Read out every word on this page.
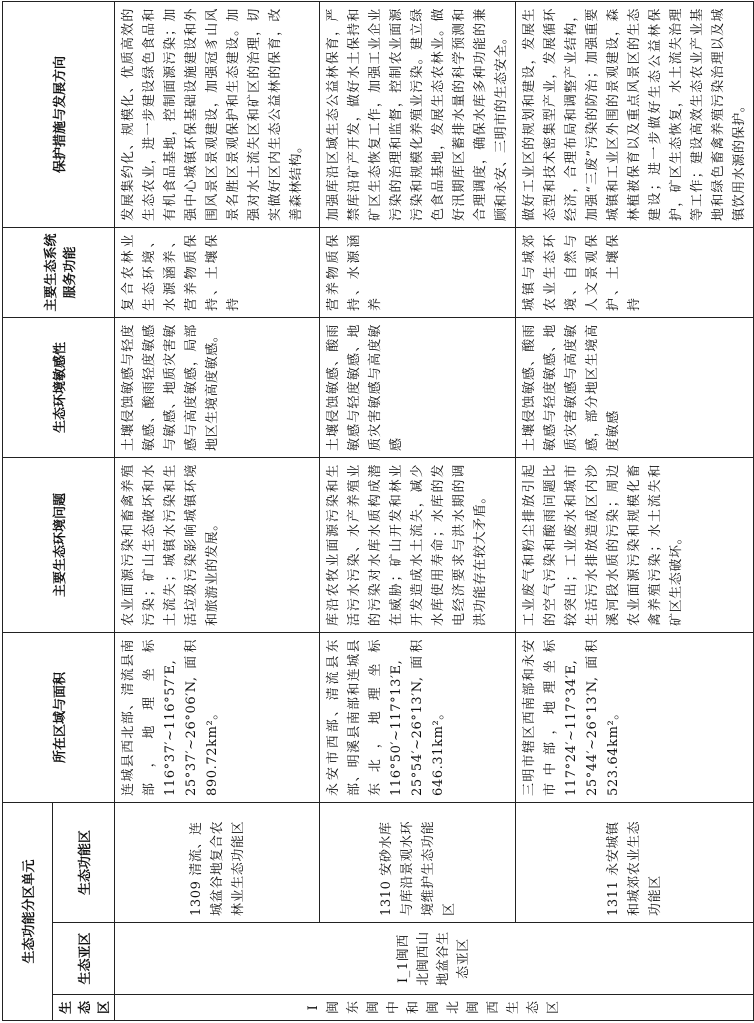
生态功能分区单元			所在区域与面积	主要生态环境问题	生态环境敏感性	主要生态系统服务功能	保护措施与发展方向
生态区	生态亚区	生态功能区					
Ⅰ闽东闽中和闽北闽西生态区	Ⅰ_1闽西北闽西山地盆谷生态亚区	1309 清流、连城盆谷地复合农林业生态功能区	连城县西北部、清流县南部，地理坐标 116°37′~116°57′E, 25°37′~26°06′N, 面积890.72km²。	农业面源污染和畜禽养殖污染；矿山生态破坏和水土流失；城镇水污染和生活垃圾污染影响城镇环境和旅游业的发展。	土壤侵蚀敏感与轻度敏感、酸雨轻度敏感与敏感、地质灾害敏感与高度敏感，局部地区生境高度敏感。	复合农林业生态环境、水源涵养、营养物质保持、土壤保持	发展集约化、规模化、优质高效的生态农业，进一步建设绿色食品和有机食品基地，控制面源污染；加强中心城镇环保基础设施建设和外围风景区景观建设，加强冠豸山风景名胜区景观保护和生态建设。加强对水土流失区和矿区的治理，切实做好区内生态公益林的保育，改善森林结构。
		1310 安砂水库与库沿景观水环境维护生态功能区	永安市西部、清流县东部、明溪县南部和连城县东北，地理坐标 116°50′~117°13′E, 25°54′~26°13′N, 面积646.31km²。	库沿农牧业面源污染和生活污水污染、水产养殖业的污染对水库水质构成潜在威胁；矿山开发和林业开发造成水土流失，减少水库使用寿命；水库的发电经济要求与洪水期的调洪功能存在较大矛盾。	土壤侵蚀敏感、酸雨敏感与轻度敏感、地质灾害敏感与高度敏感	营养物质保持、水源涵养	加强库沿区域生态公益林保育，严禁库沿矿产开发，做好水土保持和矿区生态恢复工作，加强工业企业污染的治理和监督，控制农业面源污染和规模化养殖业污染。建立绿色食品基地，发展生态农林业。做好汛期库区蓄排水量的科学预测和合理调度，确保水库多种功能的兼顾和永安、三明市的生态安全。
		1311 永安城镇和城郊农业生态功能区	三明市辖区西南部和永安市中部，地理坐标 117°24′~117°34′E, 25°44′~26°13′N, 面积523.64km²。	工业废气和粉尘排放引起的空气污染和酸雨问题比较突出；工业废水和城市生活污水排放造成区内沙溪河段水质的污染；周边农业面源污染和规模化畜禽养殖污染；水土流失和矿区生态破坏。	土壤侵蚀敏感、酸雨敏感与轻度敏感、地质灾害敏感与高度敏感，部分地区生境高度敏感	城镇与城郊农业生态环境、自然与人文景观保护、土壤保持	做好工业区的规划和建设，发展生态型和技术密集型产业，发展循环经济，合理布局和调整产业结构，加强“三废”污染的防治；加强重要城镇和工业区外围的景观建设，森林植被保育以及重点风景区的生态建设；进一步做好生态公益林保护，矿区生态恢复，水土流失治理等工作；建设高效生态农业产业基地和绿色畜禽养殖污染治理以及城镇饮用水源的保护。
